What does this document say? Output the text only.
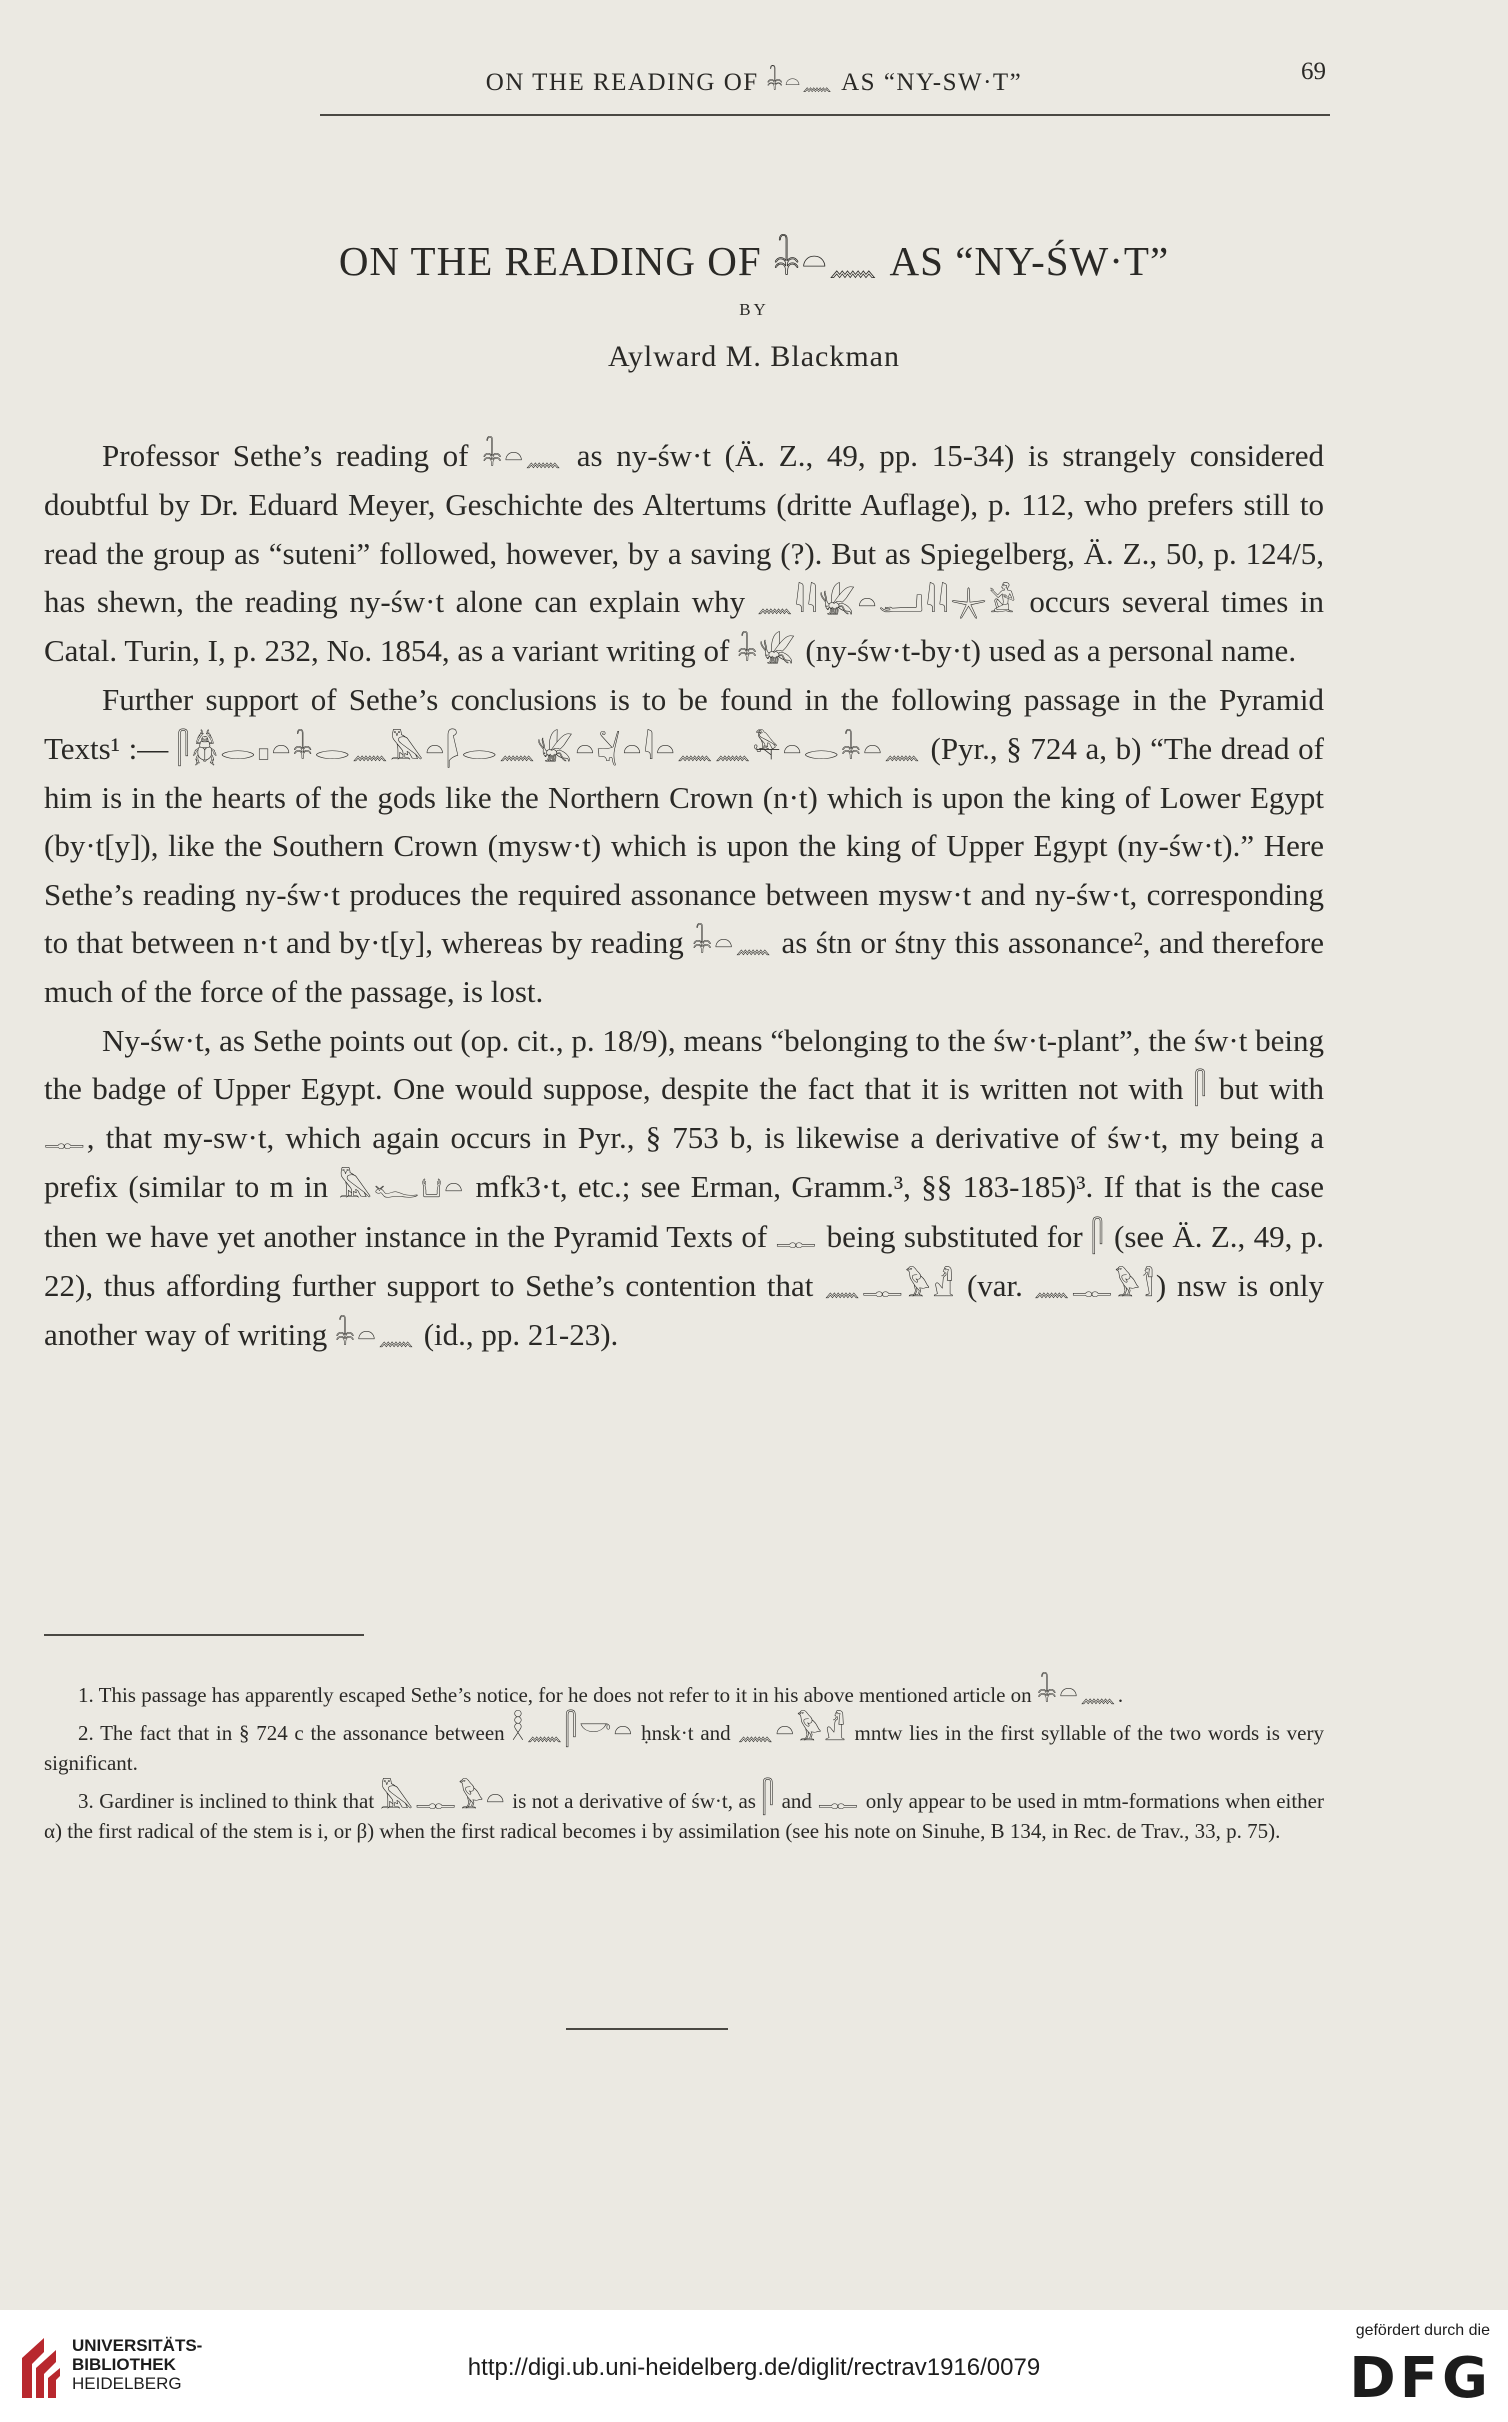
ON THE READING OF 𓇓𓏏𓈖 AS “NY-SW·T”	69
ON THE READING OF 𓇓𓏏𓈖 AS “NY-ŚW·T”
BY
Aylward M. Blackman

Professor Sethe’s reading of 𓇓𓏏𓈖 as ny-św·t (Ä. Z., 49, pp. 15-34) is strangely considered doubtful by Dr. Eduard Meyer, Geschichte des Altertums (dritte Auflage), p. 112, who prefers still to read the group as “suteni” followed, however, by a saving (?). But as Spiegelberg, Ä. Z., 50, p. 124/5, has shewn, the reading ny-św·t alone can explain why 𓈖𓇋𓇋𓆤𓏏𓂝𓇋𓇋𓇼𓀀 occurs several times in Catal. Turin, I, p. 232, No. 1854, as a variant writing of 𓇓𓆤 (ny-św·t-by·t) used as a personal name.

Further support of Sethe’s conclusions is to be found in the following passage in the Pyramid Texts¹ :— 𓋴𓆣𓂋𓊪𓏏𓇓𓂋𓈖𓅓𓏏𓆄𓂋𓈖𓆤𓏏𓋔𓏏𓇋𓏏𓈖𓈖𓅆𓏏𓂋𓇓𓏏𓈖 (Pyr., § 724 a, b) “The dread of him is in the hearts of the gods like the Northern Crown (n·t) which is upon the king of Lower Egypt (by·t[y]), like the Southern Crown (mysw·t) which is upon the king of Upper Egypt (ny-św·t).” Here Sethe’s reading ny-św·t produces the required assonance between mysw·t and ny-św·t, corresponding to that between n·t and by·t[y], whereas by reading 𓇓𓏏𓈖 as śtn or śtny this assonance², and therefore much of the force of the passage, is lost.

Ny-św·t, as Sethe points out (op. cit., p. 18/9), means “belonging to the św·t-plant”, the św·t being the badge of Upper Egypt. One would suppose, despite the fact that it is written not with 𓋴 but with 𓊃, that my-sw·t, which again occurs in Pyr., § 753 b, is likewise a derivative of św·t, my being a prefix (similar to m in 𓅓𓆑𓂓𓏏 mfk3·t, etc.; see Erman, Gramm.³, §§ 183-185)³. If that is the case then we have yet another instance in the Pyramid Texts of 𓊃 being substituted for 𓋴 (see Ä. Z., 49, p. 22), thus affording further support to Sethe’s contention that 𓈖𓊃𓅱𓀭 (var. 𓈖𓊃𓅱𓀾) nsw is only another way of writing 𓇓𓏏𓈖 (id., pp. 21-23).

1. This passage has apparently escaped Sethe’s notice, for he does not refer to it in his above mentioned article on 𓇓𓏏𓈖.

2. The fact that in § 724 c the assonance between 𓎛𓈖𓋴𓎡𓏏 ḥnsk·t and 𓈖𓏏𓅱𓀭 mntw lies in the first syllable of the two words is very significant.

3. Gardiner is inclined to think that 𓅓𓊃𓅱𓏏 is not a derivative of św·t, as 𓋴 and 𓊃 only appear to be used in mtm-formations when either α) the first radical of the stem is i, or β) when the first radical becomes i by assimilation (see his note on Sinuhe, B 134, in Rec. de Trav., 33, p. 75).

UNIVERSITÄTS-
BIBLIOTHEK
HEIDELBERG
http://digi.ub.uni-heidelberg.de/diglit/rectrav1916/0079
gefördert durch die
DFG
